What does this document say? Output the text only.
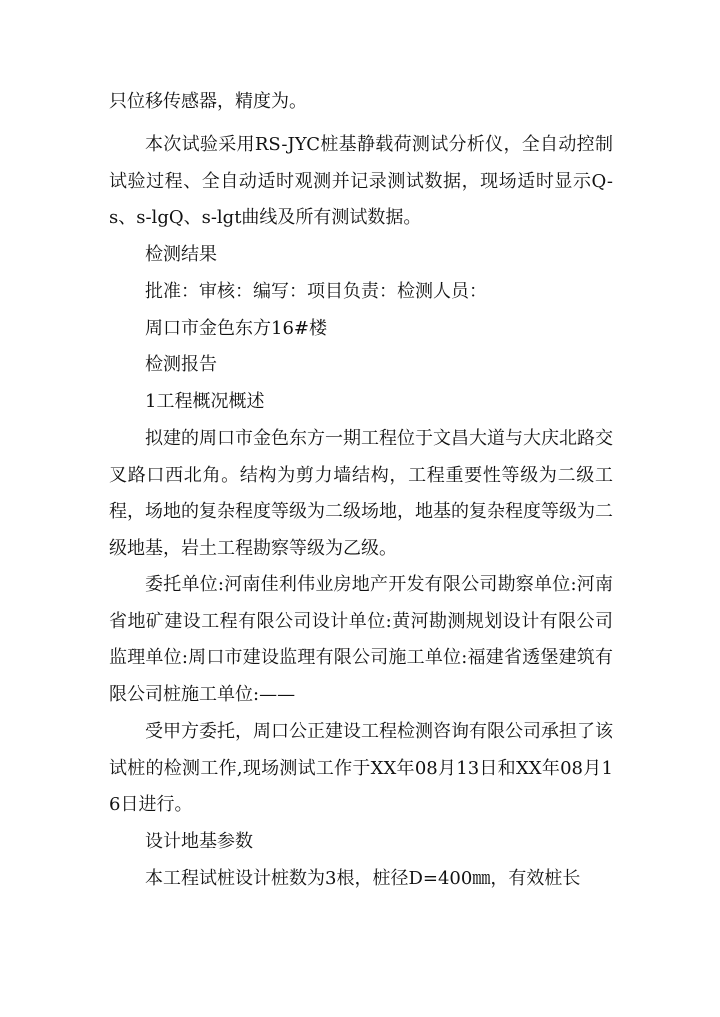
只位移传感器，精度为。

本次试验采用RS-JYC桩基静载荷测试分析仪，全自动控制试验过程、全自动适时观测并记录测试数据，现场适时显示Q-s、s-lgQ、s-lgt曲线及所有测试数据。

检测结果

批准：审核：编写：项目负责：检测人员：

周口市金色东方16#楼

检测报告

1工程概况概述

拟建的周口市金色东方一期工程位于文昌大道与大庆北路交叉路口西北角。结构为剪力墙结构，工程重要性等级为二级工程，场地的复杂程度等级为二级场地，地基的复杂程度等级为二级地基，岩土工程勘察等级为乙级。

委托单位:河南佳利伟业房地产开发有限公司勘察单位:河南省地矿建设工程有限公司设计单位:黄河勘测规划设计有限公司监理单位:周口市建设监理有限公司施工单位:福建省透堡建筑有限公司桩施工单位:——

受甲方委托，周口公正建设工程检测咨询有限公司承担了该试桩的检测工作,现场测试工作于XX年08月13日和XX年08月16日进行。

设计地基参数

本工程试桩设计桩数为3根，桩径D=400㎜，有效桩长
